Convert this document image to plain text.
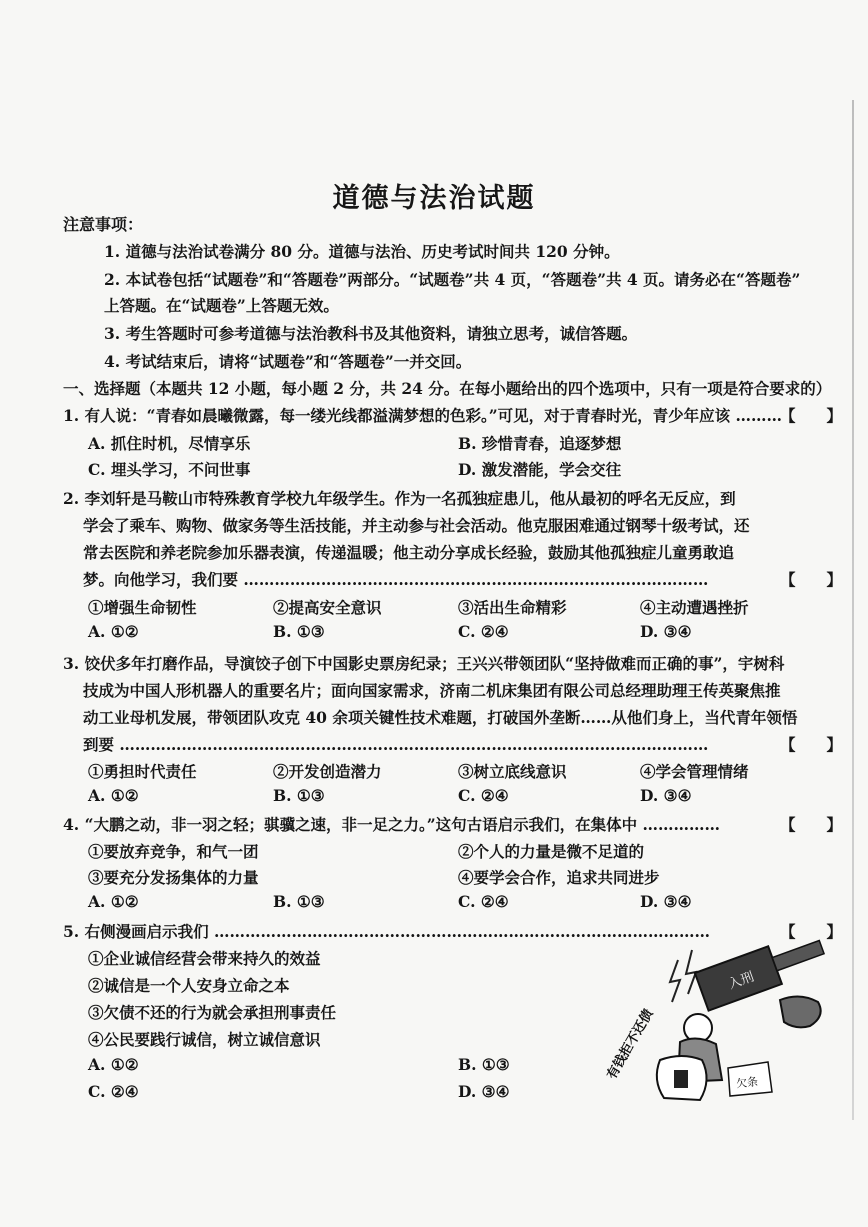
道德与法治试题
注意事项：
1. 道德与法治试卷满分 80 分。道德与法治、历史考试时间共 120 分钟。
2. 本试卷包括“试题卷”和“答题卷”两部分。“试题卷”共 4 页，“答题卷”共 4 页。请务必在“答题卷”
上答题。在“试题卷”上答题无效。
3. 考生答题时可参考道德与法治教科书及其他资料，请独立思考，诚信答题。
4. 考试结束后，请将“试题卷”和“答题卷”一并交回。
一、选择题（本题共 12 小题，每小题 2 分，共 24 分。在每小题给出的四个选项中，只有一项是符合要求的）
1. 有人说：“青春如晨曦微露，每一缕光线都溢满梦想的色彩。”可见，对于青春时光，青少年应该 ………
【　　】
A. 抓住时机，尽情享乐	B. 珍惜青春，追逐梦想
C. 埋头学习，不问世事	D. 激发潜能，学会交往
2. 李刘轩是马鞍山市特殊教育学校九年级学生。作为一名孤独症患儿，他从最初的呼名无反应，到
学会了乘车、购物、做家务等生活技能，并主动参与社会活动。他克服困难通过钢琴十级考试，还
常去医院和养老院参加乐器表演，传递温暖；他主动分享成长经验，鼓励其他孤独症儿童勇敢追
梦。向他学习，我们要 ………………………………………………………………………………	【　　】
①增强生命韧性	②提高安全意识	③活出生命精彩	④主动遭遇挫折
A. ①②	B. ①③	C. ②④	D. ③④
3. 饺伏多年打磨作品，导演饺子创下中国影史票房纪录；王兴兴带领团队“坚持做难而正确的事”，宇树科
技成为中国人形机器人的重要名片；面向国家需求，济南二机床集团有限公司总经理助理王传英聚焦推
动工业母机发展，带领团队攻克 40 余项关键性技术难题，打破国外垄断……从他们身上，当代青年领悟
到要 ……………………………………………………………………………………………………	【　　】
①勇担时代责任	②开发创造潜力	③树立底线意识	④学会管理情绪
A. ①②	B. ①③	C. ②④	D. ③④
4. “大鹏之动，非一羽之轻；骐骥之速，非一足之力。”这句古语启示我们，在集体中 ……………	【　　】
①要放弃竞争，和气一团	②个人的力量是微不足道的
③要充分发扬集体的力量	④要学会合作，追求共同进步
A. ①②	B. ①③	C. ②④	D. ③④
5. 右侧漫画启示我们 ……………………………………………………………………………………	【　　】
①企业诚信经营会带来持久的效益
②诚信是一个人安身立命之本
③欠债不还的行为就会承担刑事责任
④公民要践行诚信，树立诚信意识
A. ①②	B. ①③
C. ②④	D. ③④
入刑
欠条
有钱拒不还债
